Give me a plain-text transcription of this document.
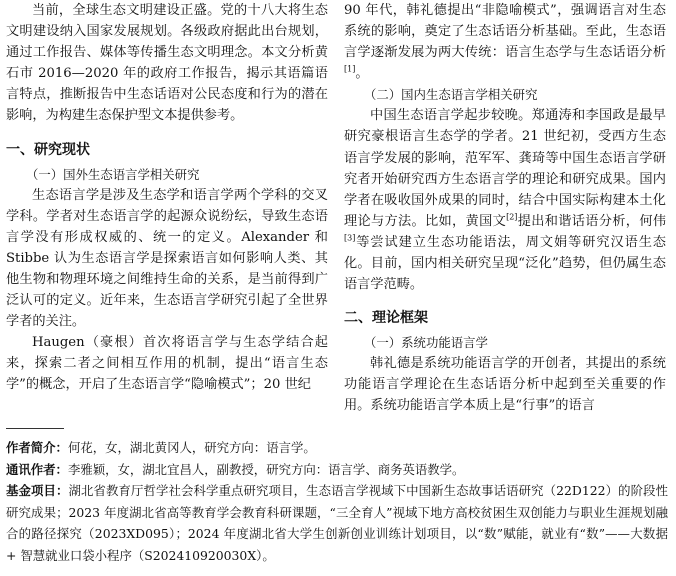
当前，全球生态文明建设正盛。党的十八大将生态文明建设纳入国家发展规划。各级政府据此出台规划，通过工作报告、媒体等传播生态文明理念。本文分析黄石市 2016—2020 年的政府工作报告，揭示其语篇语言特点，推断报告中生态话语对公民态度和行为的潜在影响，为构建生态保护型文本提供参考。

一、研究现状
（一）国外生态语言学相关研究

生态语言学是涉及生态学和语言学两个学科的交叉学科。学者对生态语言学的起源众说纷纭，导致生态语言学没有形成权威的、统一的定义。Alexander 和 Stibbe 认为生态语言学是探索语言如何影响人类、其他生物和物理环境之间维持生命的关系，是当前得到广泛认可的定义。近年来，生态语言学研究引起了全世界学者的关注。

Haugen（豪根）首次将语言学与生态学结合起来，探索二者之间相互作用的机制，提出“语言生态学”的概念，开启了生态语言学“隐喻模式”；20 世纪

90 年代，韩礼德提出“非隐喻模式”，强调语言对生态系统的影响，奠定了生态话语分析基础。至此，生态语言学逐渐发展为两大传统：语言生态学与生态话语分析[1]。

（二）国内生态语言学相关研究

中国生态语言学起步较晚。郑通涛和李国政是最早研究豪根语言生态学的学者。21 世纪初，受西方生态语言学发展的影响，范军军、龚琦等中国生态语言学研究者开始研究西方生态语言学的理论和研究成果。国内学者在吸收国外成果的同时，结合中国实际构建本土化理论与方法。比如，黄国文[2]提出和谐话语分析，何伟[3]等尝试建立生态功能语法，周文娟等研究汉语生态化。目前，国内相关研究呈现“泛化”趋势，但仍属生态语言学范畴。

二、理论框架
（一）系统功能语言学

韩礼德是系统功能语言学的开创者，其提出的系统功能语言学理论在生态话语分析中起到至关重要的作用。系统功能语言学本质上是“行事”的语言

作者简介：何花，女，湖北黄冈人，研究方向：语言学。

通讯作者：李雅颖，女，湖北宜昌人，副教授，研究方向：语言学、商务英语教学。

基金项目：湖北省教育厅哲学社会科学重点研究项目，生态语言学视域下中国新生态故事话语研究（22D122）的阶段性研究成果；2023 年度湖北省高等教育学会教育科研课题，“三全育人”视域下地方高校贫困生双创能力与职业生涯规划融合的路径探究（2023XD095）；2024 年度湖北省大学生创新创业训练计划项目，以“数”赋能，就业有“数”——大数据 + 智慧就业口袋小程序（S202410920030X）。
